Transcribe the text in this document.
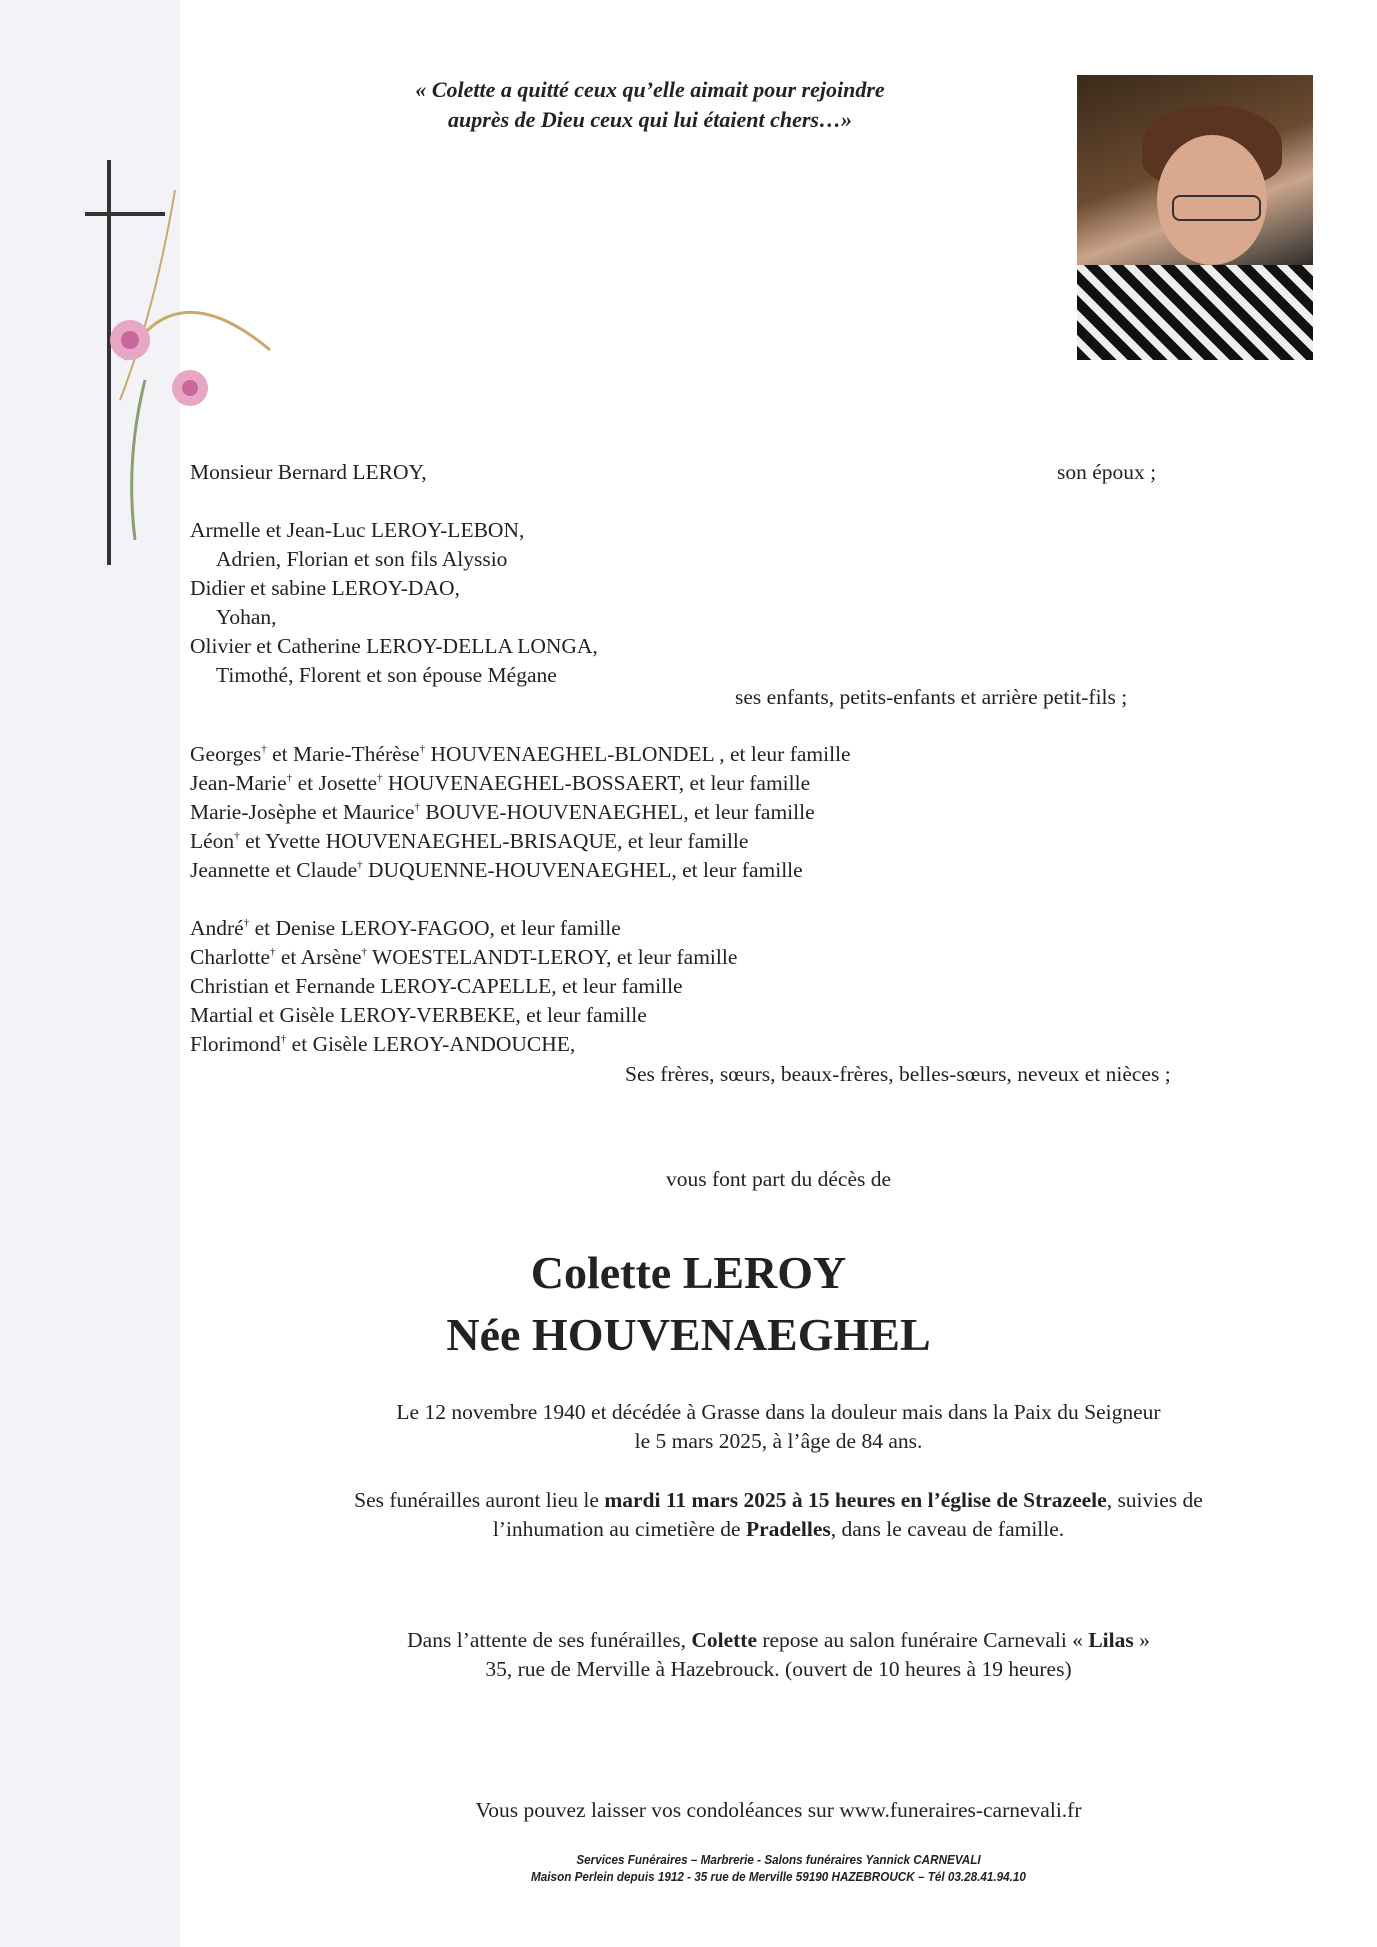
« Colette a quitté ceux qu’elle aimait pour rejoindre
auprès de Dieu ceux qui lui étaient chers…»
Monsieur Bernard LEROY,	son époux ;
Armelle et Jean-Luc LEROY-LEBON,
Adrien, Florian et son fils Alyssio
Didier et sabine LEROY-DAO,
Yohan,
Olivier et Catherine LEROY-DELLA LONGA,
Timothé, Florent et son épouse Mégane
ses enfants, petits-enfants et arrière petit-fils ;
Georges† et Marie-Thérèse† HOUVENAEGHEL-BLONDEL , et leur famille
Jean-Marie† et Josette† HOUVENAEGHEL-BOSSAERT, et leur famille
Marie-Josèphe et Maurice† BOUVE-HOUVENAEGHEL, et leur famille
Léon† et Yvette HOUVENAEGHEL-BRISAQUE, et leur famille
Jeannette et Claude† DUQUENNE-HOUVENAEGHEL, et leur famille
André† et Denise LEROY-FAGOO, et leur famille
Charlotte† et Arsène† WOESTELANDT-LEROY, et leur famille
Christian et Fernande LEROY-CAPELLE, et leur famille
Martial et Gisèle LEROY-VERBEKE, et leur famille
Florimond† et Gisèle LEROY-ANDOUCHE,
Ses frères, sœurs, beaux-frères, belles-sœurs, neveux et nièces ;
vous font part du décès de
Colette LEROY
Née HOUVENAEGHEL
Le 12 novembre 1940 et décédée à Grasse dans la douleur mais dans la Paix du Seigneur
le 5 mars 2025, à l’âge de 84 ans.
Ses funérailles auront lieu le mardi 11 mars 2025 à 15 heures en l’église de Strazeele, suivies de
l’inhumation au cimetière de Pradelles, dans le caveau de famille.
Dans l’attente de ses funérailles, Colette repose au salon funéraire Carnevali « Lilas »
35, rue de Merville à Hazebrouck. (ouvert de 10 heures à 19 heures)
Vous pouvez laisser vos condoléances sur www.funeraires-carnevali.fr
Services Funéraires – Marbrerie - Salons funéraires Yannick CARNEVALI
Maison Perlein depuis 1912 - 35 rue de Merville 59190 HAZEBROUCK – Tél 03.28.41.94.10
